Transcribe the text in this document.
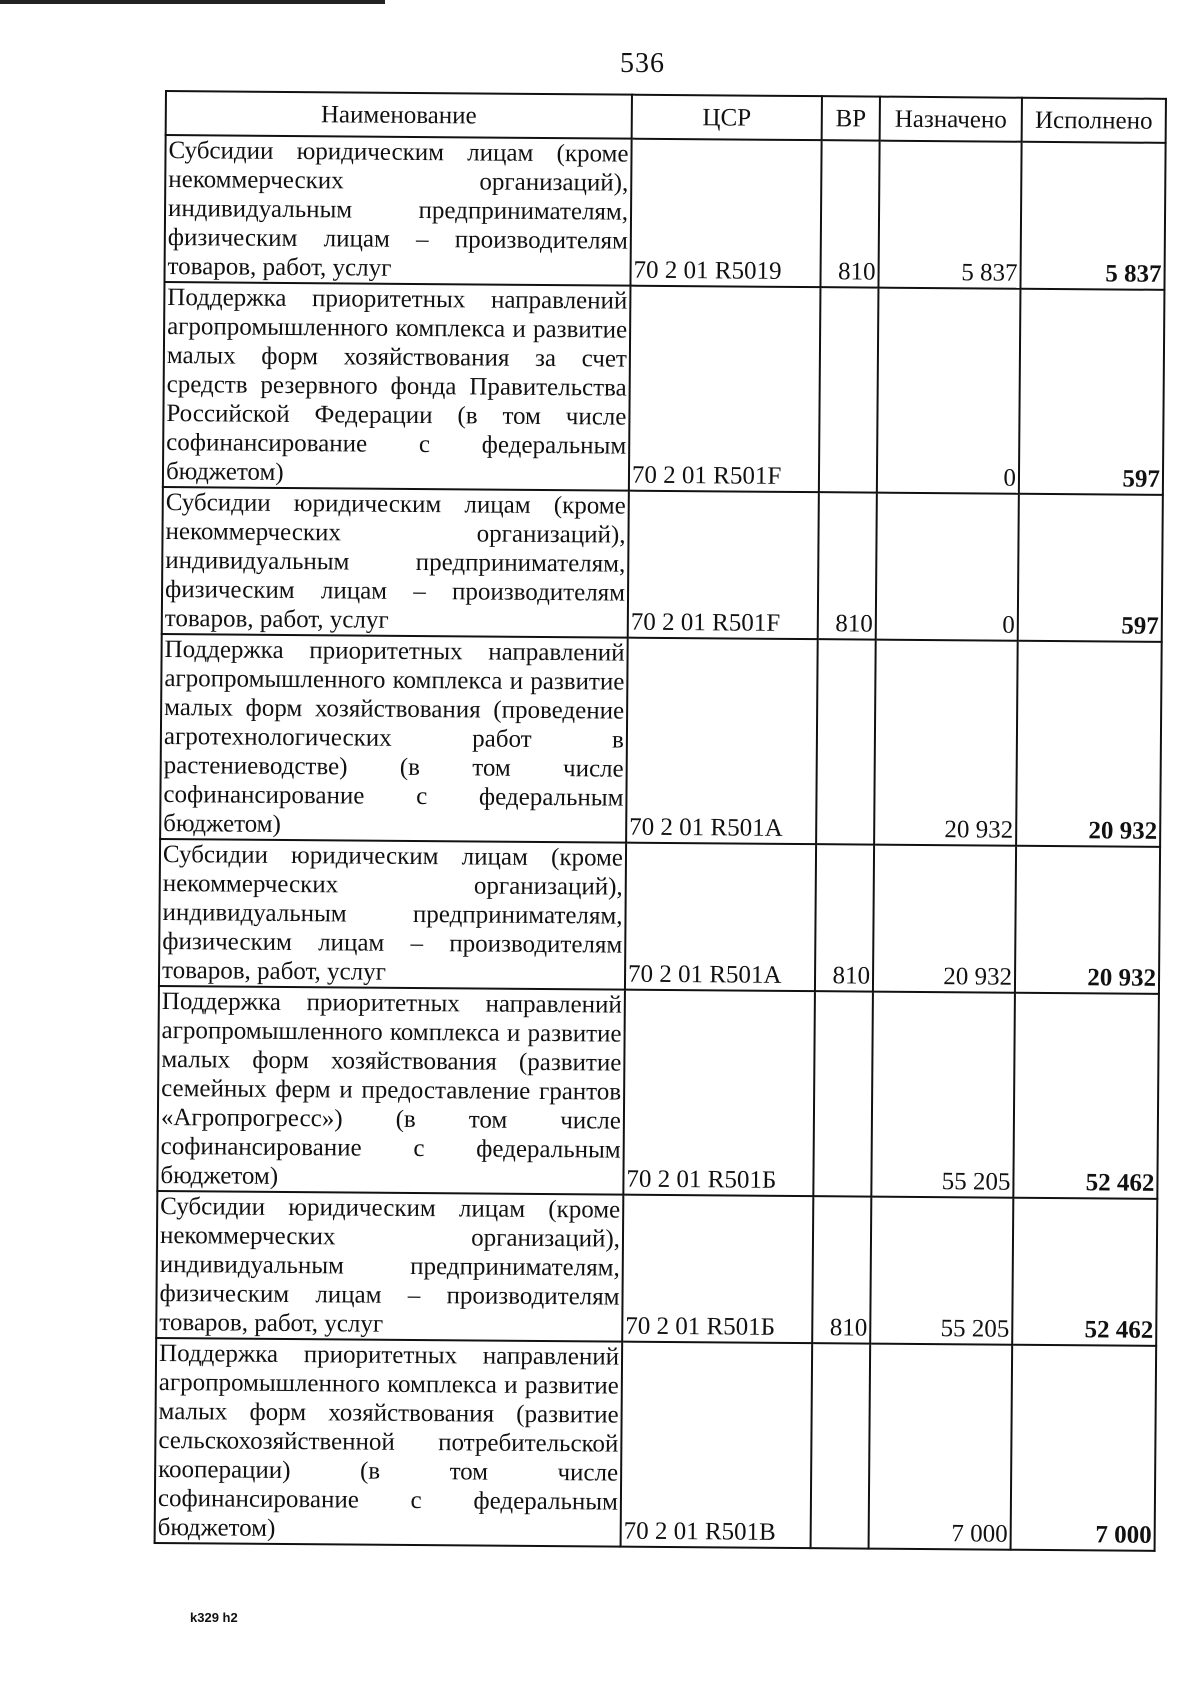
536
Наименование	ЦСР	ВР	Назначено	Исполнено
Субсидии юридическим лицам (кроме некоммерческих организаций), индивидуальным предпринимателям, физическим лицам – производителям товаров, работ, услуг	70 2 01 R5019	810	5 837	5 837
Поддержка приоритетных направлений агропромышленного комплекса и развитие малых форм хозяйствования за счет средств резервного фонда Правительства Российской Федерации (в том числе софинансирование с федеральным бюджетом)	70 2 01 R501F		0	597
Субсидии юридическим лицам (кроме некоммерческих организаций), индивидуальным предпринимателям, физическим лицам – производителям товаров, работ, услуг	70 2 01 R501F	810	0	597
Поддержка приоритетных направлений агропромышленного комплекса и развитие малых форм хозяйствования (проведение агротехнологических работ в растениеводстве) (в том числе софинансирование с федеральным бюджетом)	70 2 01 R501A		20 932	20 932
Субсидии юридическим лицам (кроме некоммерческих организаций), индивидуальным предпринимателям, физическим лицам – производителям товаров, работ, услуг	70 2 01 R501A	810	20 932	20 932
Поддержка приоритетных направлений агропромышленного комплекса и развитие малых форм хозяйствования (развитие семейных ферм и предоставление грантов «Агропрогресс») (в том числе софинансирование с федеральным бюджетом)	70 2 01 R501Б		55 205	52 462
Субсидии юридическим лицам (кроме некоммерческих организаций), индивидуальным предпринимателям, физическим лицам – производителям товаров, работ, услуг	70 2 01 R501Б	810	55 205	52 462
Поддержка приоритетных направлений агропромышленного комплекса и развитие малых форм хозяйствования (развитие сельскохозяйственной потребительской кооперации) (в том числе софинансирование с федеральным бюджетом)	70 2 01 R501В		7 000	7 000
k329 h2
